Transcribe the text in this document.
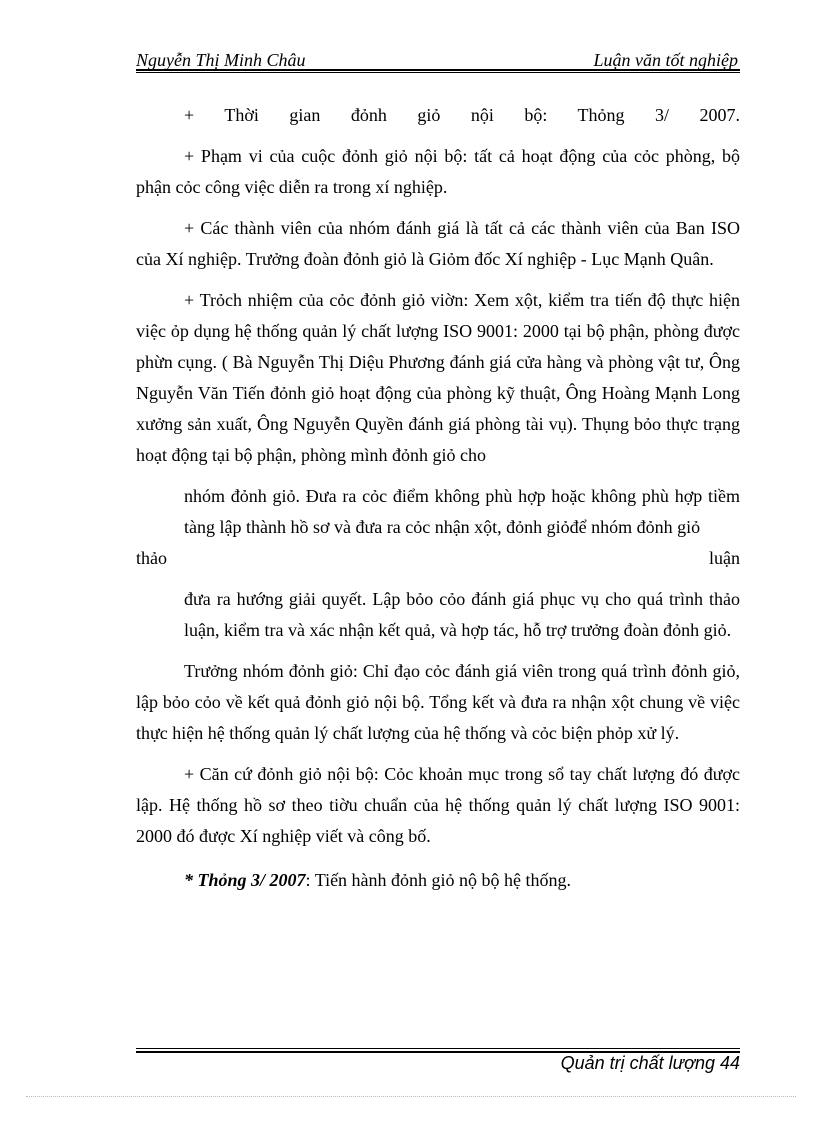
Nguyễn Thị Minh Châu	Luận văn tốt nghiệp

+ Thời gian đỏnh giỏ nội bộ: Thỏng 3/ 2007.

+ Phạm vi của cuộc đỏnh giỏ nội bộ: tất cả hoạt động của cỏc phòng, bộ phận cỏc công việc diễn ra trong xí nghiệp.

+ Các thành viên của nhóm đánh giá là tất cả các thành viên của Ban ISO của Xí nghiệp. Trưởng đoàn đỏnh giỏ là Giỏm đốc Xí nghiệp - Lục Mạnh Quân.

+ Trỏch nhiệm của cỏc đỏnh giỏ viờn: Xem xột, kiểm tra tiến độ thực hiện việc ỏp dụng hệ thống quản lý chất lượng ISO 9001: 2000 tại bộ phận, phòng được phừn cụng. ( Bà Nguyễn Thị Diệu Phương đánh giá cửa hàng và phòng vật tư, Ông Nguyễn Văn Tiến đỏnh giỏ hoạt động của phòng kỹ thuật, Ông Hoàng Mạnh Long xưởng sản xuất, Ông Nguyễn Quyền đánh giá phòng tài vụ). Thụng bỏo thực trạng hoạt động tại bộ phận, phòng mình đỏnh giỏ cho

nhóm đỏnh giỏ. Đưa ra cỏc điểm không phù hợp hoặc không phù hợp tiềm tàng lập thành hồ sơ và đưa ra cỏc nhận xột, đỏnh giỏđể nhóm đỏnh giỏ

thảo	luận

đưa ra hướng giải quyết. Lập bỏo cỏo đánh giá phục vụ cho quá trình thảo luận, kiểm tra và xác nhận kết quả, và hợp tác, hỗ trợ trưởng đoàn đỏnh giỏ.

Trưởng nhóm đỏnh giỏ: Chỉ đạo cỏc đánh giá viên trong quá trình đỏnh giỏ, lập bỏo cỏo về kết quả đỏnh giỏ nội bộ. Tổng kết và đưa ra nhận xột chung về việc thực hiện hệ thống quản lý chất lượng của hệ thống và cỏc biện phỏp xử lý.

+ Căn cứ đỏnh giỏ nội bộ: Cỏc khoản mục trong sổ tay chất lượng đó được lập. Hệ thống hồ sơ theo tiờu chuẩn của hệ thống quản lý chất lượng ISO 9001: 2000 đó được Xí nghiệp viết và công bố.

* Thỏng 3/ 2007: Tiến hành đỏnh giỏ nộ bộ hệ thống.

Quản trị chất lượng 44
